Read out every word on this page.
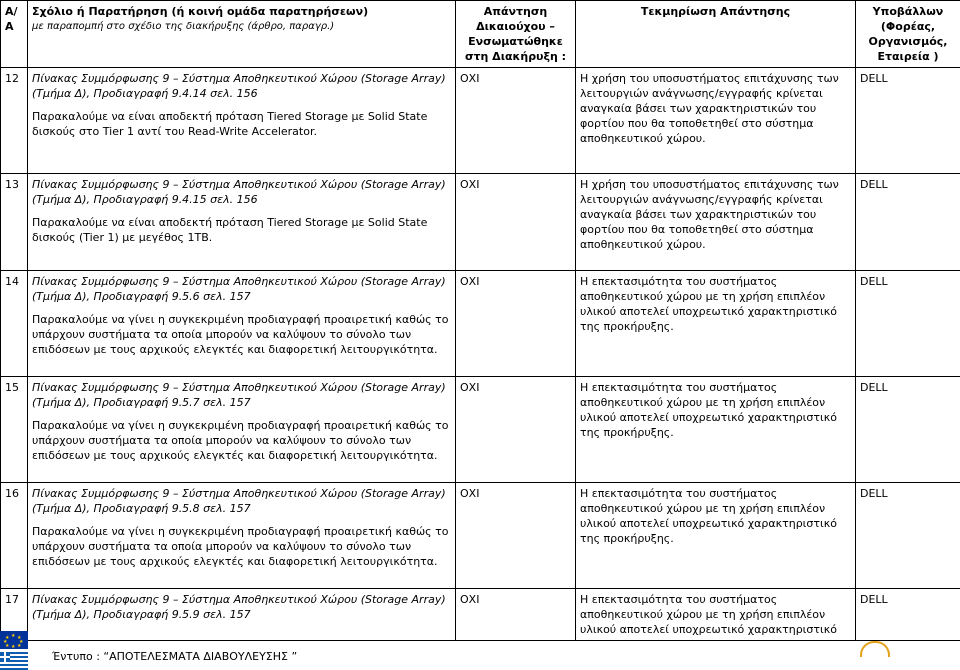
Α/Α	Σχόλιο ή Παρατήρηση (ή κοινή ομάδα παρατηρήσεων)
με παραπομπή στο σχέδιο της διακήρυξης (άρθρο, παραγρ.)	Απάντηση Δικαιούχου – Ενσωματώθηκε στη Διακήρυξη :	Τεκμηρίωση Απάντησης	Υποβάλλων (Φορέας, Οργανισμός, Εταιρεία )
12	Πίνακας Συμμόρφωσης 9 – Σύστημα Αποθηκευτικού Χώρου (Storage Array) (Τμήμα Δ), Προδιαγραφή 9.4.14 σελ. 156
Παρακαλούμε να είναι αποδεκτή πρόταση Tiered Storage με Solid State δισκούς στο Tier 1 αντί του Read-Write Accelerator.	ΟΧΙ	Η χρήση του υποσυστήματος επιτάχυνσης των λειτουργιών ανάγνωσης/εγγραφής κρίνεται αναγκαία βάσει των χαρακτηριστικών του φορτίου που θα τοποθετηθεί στο σύστημα αποθηκευτικού χώρου.	DELL
13	Πίνακας Συμμόρφωσης 9 – Σύστημα Αποθηκευτικού Χώρου (Storage Array) (Τμήμα Δ), Προδιαγραφή 9.4.15 σελ. 156
Παρακαλούμε να είναι αποδεκτή πρόταση Tiered Storage με Solid State δισκούς (Tier 1) με μεγέθος 1TB.	ΟΧΙ	Η χρήση του υποσυστήματος επιτάχυνσης των λειτουργιών ανάγνωσης/εγγραφής κρίνεται αναγκαία βάσει των χαρακτηριστικών του φορτίου που θα τοποθετηθεί στο σύστημα αποθηκευτικού χώρου.	DELL
14	Πίνακας Συμμόρφωσης 9 – Σύστημα Αποθηκευτικού Χώρου (Storage Array) (Τμήμα Δ), Προδιαγραφή 9.5.6 σελ. 157
Παρακαλούμε να γίνει η συγκεκριμένη προδιαγραφή προαιρετική καθώς το υπάρχουν συστήματα τα οποία μπορούν να καλύψουν το σύνολο των επιδόσεων με τους αρχικούς ελεγκτές και διαφορετική λειτουργικότητα.	ΟΧΙ	Η επεκτασιμότητα του συστήματος αποθηκευτικού χώρου με τη χρήση επιπλέον υλικού αποτελεί υποχρεωτικό χαρακτηριστικό της προκήρυξης.	DELL
15	Πίνακας Συμμόρφωσης 9 – Σύστημα Αποθηκευτικού Χώρου (Storage Array) (Τμήμα Δ), Προδιαγραφή 9.5.7 σελ. 157
Παρακαλούμε να γίνει η συγκεκριμένη προδιαγραφή προαιρετική καθώς το υπάρχουν συστήματα τα οποία μπορούν να καλύψουν το σύνολο των επιδόσεων με τους αρχικούς ελεγκτές και διαφορετική λειτουργικότητα.	ΟΧΙ	Η επεκτασιμότητα του συστήματος αποθηκευτικού χώρου με τη χρήση επιπλέον υλικού αποτελεί υποχρεωτικό χαρακτηριστικό της προκήρυξης.	DELL
16	Πίνακας Συμμόρφωσης 9 – Σύστημα Αποθηκευτικού Χώρου (Storage Array) (Τμήμα Δ), Προδιαγραφή 9.5.8 σελ. 157
Παρακαλούμε να γίνει η συγκεκριμένη προδιαγραφή προαιρετική καθώς το υπάρχουν συστήματα τα οποία μπορούν να καλύψουν το σύνολο των επιδόσεων με τους αρχικούς ελεγκτές και διαφορετική λειτουργικότητα.	ΟΧΙ	Η επεκτασιμότητα του συστήματος αποθηκευτικού χώρου με τη χρήση επιπλέον υλικού αποτελεί υποχρεωτικό χαρακτηριστικό της προκήρυξης.	DELL
17	Πίνακας Συμμόρφωσης 9 – Σύστημα Αποθηκευτικού Χώρου (Storage Array) (Τμήμα Δ), Προδιαγραφή 9.5.9 σελ. 157	ΟΧΙ	Η επεκτασιμότητα του συστήματος αποθηκευτικού χώρου με τη χρήση επιπλέον υλικού αποτελεί υποχρεωτικό χαρακτηριστικό	DELL
★ ★
★
★
★
★
★
★
Έντυπο : “ΑΠΟΤΕΛΕΣΜΑΤΑ ΔΙΑΒΟΥΛΕΥΣΗΣ ”
